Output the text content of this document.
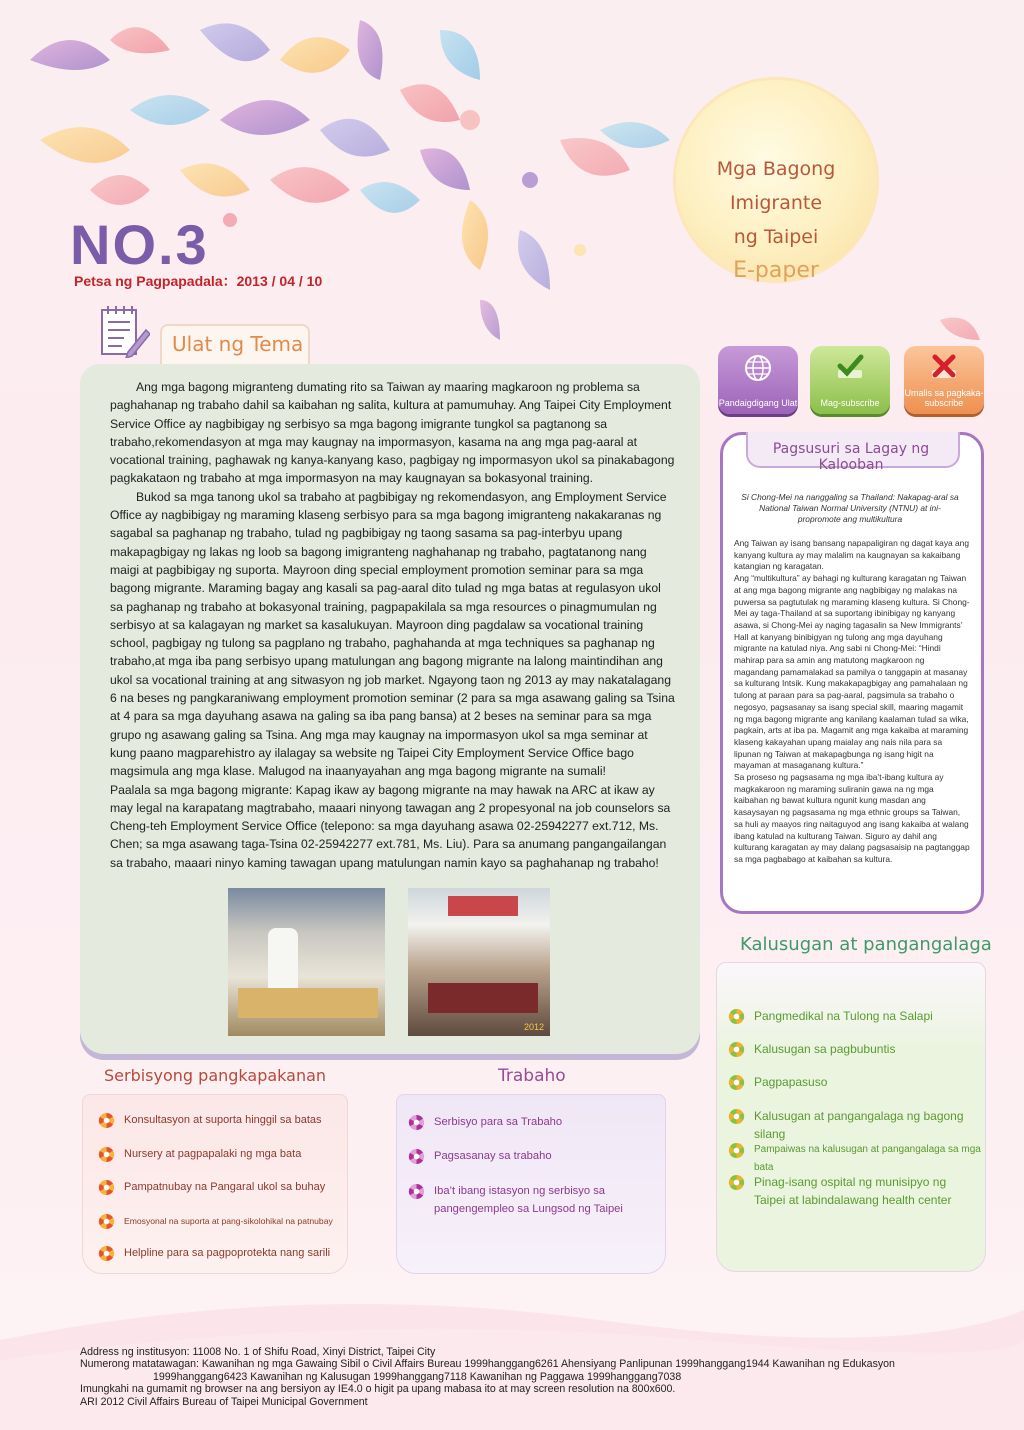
Mga Bagong Imigrante
ng Taipei
E-paper
NO.3
Petsa ng Pagpapadala：2013 / 04 / 10
Pandaigdigang Ulat	Mag-subscribe
Umalis sa pagkaka-subscribe
Ulat ng Tema

Ang mga bagong migranteng dumating rito sa Taiwan ay maaring magkaroon ng problema sa paghahanap ng trabaho dahil sa kaibahan ng salita, kultura at pamumuhay. Ang Taipei City Employment Service Office ay nagbibigay ng serbisyo sa mga bagong imigrante tungkol sa pagtanong sa trabaho,rekomendasyon at mga may kaugnay na impormasyon, kasama na ang mga pag-aaral at vocational training, paghawak ng kanya-kanyang kaso, pagbigay ng impormasyon ukol sa pinakabagong pagkakataon ng trabaho at mga impormasyon na may kaugnayan sa bokasyonal training.

Bukod sa mga tanong ukol sa trabaho at pagbibigay ng rekomendasyon, ang Employment Service Office ay nagbibigay ng maraming klaseng serbisyo para sa mga bagong imigranteng nakakaranas ng sagabal sa paghanap ng trabaho, tulad ng pagbibigay ng taong sasama sa pag-interbyu upang makapagbigay ng lakas ng loob sa bagong imigranteng naghahanap ng trabaho, pagtatanong nang maigi at pagbibigay ng suporta. Mayroon ding special employment promotion seminar para sa mga bagong migrante. Maraming bagay ang kasali sa pag-aaral dito tulad ng mga batas at regulasyon ukol sa paghanap ng trabaho at bokasyonal training, pagpapakilala sa mga resources o pinagmumulan ng serbisyo at sa kalagayan ng market sa kasalukuyan. Mayroon ding pagdalaw sa vocational training school, pagbigay ng tulong sa pagplano ng trabaho, paghahanda at mga techniques sa paghanap ng trabaho,at mga iba pang serbisyo upang matulungan ang bagong migrante na lalong maintindihan ang ukol sa vocational training at ang sitwasyon ng job market. Ngayong taon ng 2013 ay may nakatalagang 6 na beses ng pangkaraniwang employment promotion seminar (2 para sa mga asawang galing sa Tsina at 4 para sa mga dayuhang asawa na galing sa iba pang bansa) at 2 beses na seminar para sa mga grupo ng asawang galing sa Tsina. Ang mga may kaugnay na impormasyon ukol sa mga seminar at kung paano magparehistro ay ilalagay sa website ng Taipei City Employment Service Office bago magsimula ang mga klase. Malugod na inaanyayahan ang mga bagong migrante na sumali!

Paalala sa mga bagong migrante: Kapag ikaw ay bagong migrante na may hawak na ARC at ikaw ay may legal na karapatang magtrabaho, maaari ninyong tawagan ang 2 propesyonal na job counselors sa Cheng-teh Employment Service Office (telepono: sa mga dayuhang asawa 02-25942277 ext.712, Ms. Chen; sa mga asawang taga-Tsina 02-25942277 ext.781, Ms. Liu). Para sa anumang pangangailangan sa trabaho, maaari ninyo kaming tawagan upang matulungan namin kayo sa paghahanap ng trabaho!

2012
Pagsusuri sa Lagay ng Kalooban
Si Chong-Mei na nanggaling sa Thailand: Nakapag-aral sa National Taiwan Normal University (NTNU) at ini-propromote ang multikultura

Ang Taiwan ay isang bansang napapaligiran ng dagat kaya ang kanyang kultura ay may malalim na kaugnayan sa kakaibang katangian ng karagatan.

Ang “multikultura” ay bahagi ng kulturang karagatan ng Taiwan at ang mga bagong migrante ang nagbibigay ng malakas na puwersa sa pagtutulak ng maraming klaseng kultura. Si Chong-Mei ay taga-Thailand at sa suportang ibinibigay ng kanyang asawa, si Chong-Mei ay naging tagasalin sa New Immigrants’ Hall at kanyang binibigyan ng tulong ang mga dayuhang migrante na katulad niya. Ang sabi ni Chong-Mei: “Hindi mahirap para sa amin ang matutong magkaroon ng magandang pamamalakad sa pamilya o tanggapin at masanay sa kulturang Intsik. Kung makakapagbigay ang pamahalaan ng tulong at paraan para sa pag-aaral, pagsimula sa trabaho o negosyo, pagsasanay sa isang special skill, maaring magamit ng mga bagong migrante ang kanilang kaalaman tulad sa wika, pagkain, arts at iba pa. Magamit ang mga kakaiba at maraming klaseng kakayahan upang maialay ang nais nila para sa lipunan ng Taiwan at makapagbunga ng isang higit na mayaman at masaganang kultura.”

Sa proseso ng pagsasama ng mga iba’t-ibang kultura ay magkakaroon ng maraming suliranin gawa na ng mga kaibahan ng bawat kultura ngunit kung masdan ang kasaysayan ng pagsasama ng mga ethnic groups sa Taiwan, sa huli ay maayos ring naitaguyod ang isang kakaiba at walang ibang katulad na kulturang Taiwan. Siguro ay dahil ang kulturang karagatan ay may dalang pagsasaisip na pagtanggap sa mga pagbabago at kaibahan sa kultura.

Kalusugan at pangangalaga
Pangmedikal na Tulong na Salapi
Kalusugan sa pagbubuntis
Pagpapasuso
Kalusugan at pangangalaga ng bagong silang
Pampaiwas na kalusugan at pangangalaga sa mga bata
Pinag-isang ospital ng munisipyo ng Taipei at labindalawang health center
Serbisyong pangkapakanan
Konsultasyon at suporta hinggil sa batas
Nursery at pagpapalaki ng mga bata
Pampatnubay na Pangaral ukol sa buhay
Emosyonal na suporta at pang-sikolohikal na patnubay
Helpline para sa pagpoprotekta nang sarili
Trabaho
Serbisyo para sa Trabaho
Pagsasanay sa trabaho
Iba’t ibang istasyon ng serbisyo sa pangengempleo sa Lungsod ng Taipei
Address ng institusyon: 11008 No. 1 of Shifu Road, Xinyi District, Taipei City
Numerong matatawagan: Kawanihan ng mga Gawaing Sibil o Civil Affairs Bureau 1999hanggang6261 Ahensiyang Panlipunan 1999hanggang1944 Kawanihan ng Edukasyon
1999hanggang6423 Kawanihan ng Kalusugan 1999hanggang7118 Kawanihan ng Paggawa 1999hanggang7038
Imungkahi na gumamit ng browser na ang bersiyon ay IE4.0 o higit pa upang mabasa ito at may screen resolution na 800x600.
ARI 2012 Civil Affairs Bureau of Taipei Municipal Government
